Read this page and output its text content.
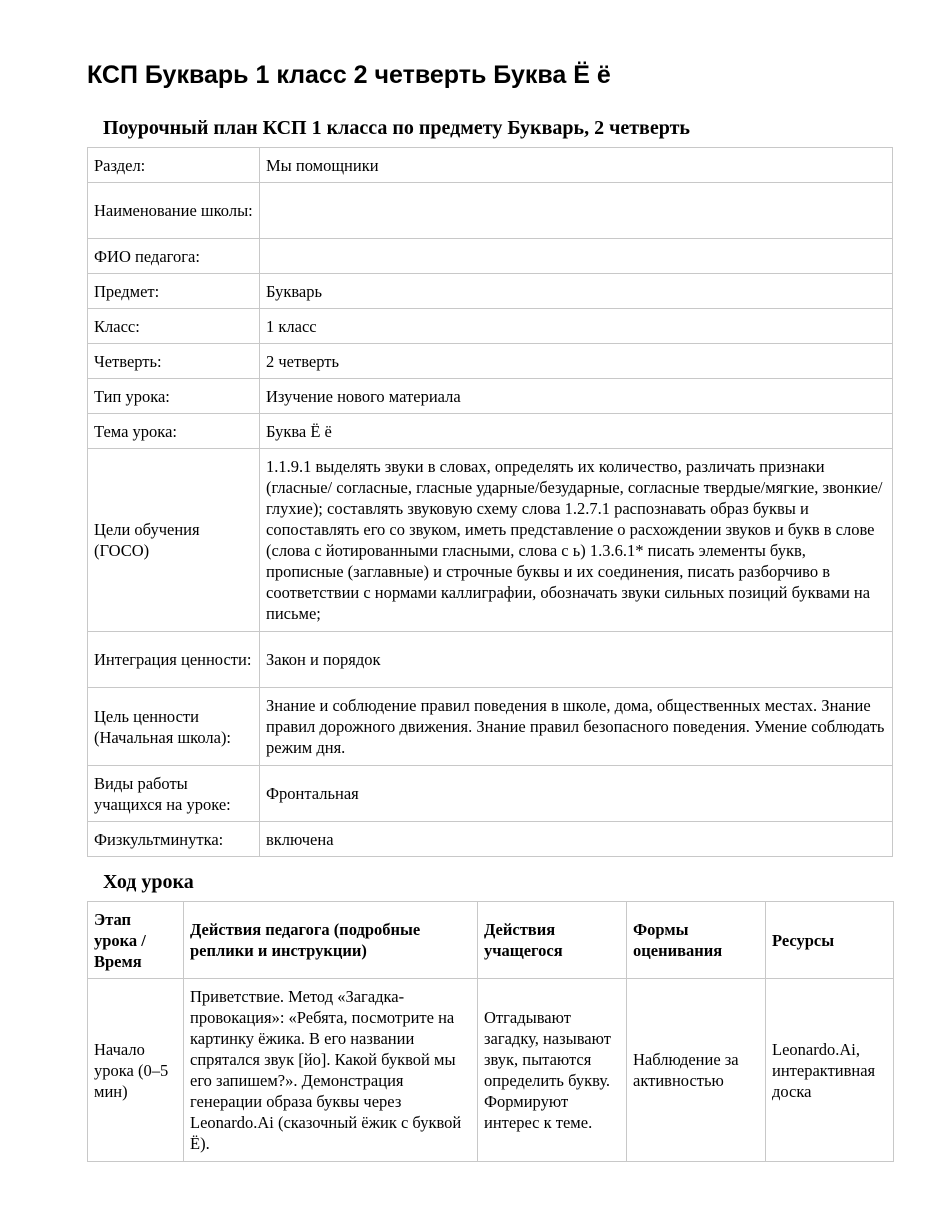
КСП Букварь 1 класс 2 четверть Буква Ё ё
Поурочный план КСП 1 класса по предмету Букварь, 2 четверть
Раздел:	Мы помощники
Наименование школы:	
ФИО педагога:	
Предмет:	Букварь
Класс:	1 класс
Четверть:	2 четверть
Тип урока:	Изучение нового материала
Тема урока:	Буква Ё ё
Цели обучения (ГОСО)	1.1.9.1 выделять звуки в словах, определять их количество, различать признаки (гласные/ согласные, гласные ударные/безударные, согласные твердые/мягкие, звонкие/глухие); составлять звуковую схему слова 1.2.7.1 распознавать образ буквы и сопоставлять его со звуком, иметь представление о расхождении звуков и букв в слове (слова с йотированными гласными, слова с ь) 1.3.6.1* писать элементы букв, прописные (заглавные) и строчные буквы и их соединения, писать разборчиво в соответствии с нормами каллиграфии, обозначать звуки сильных позиций буквами на письме;
Интеграция ценности:	Закон и порядок
Цель ценности (Начальная школа):	Знание и соблюдение правил поведения в школе, дома, общественных местах. Знание правил дорожного движения. Знание правил безопасного поведения. Умение соблюдать режим дня.
Виды работы учащихся на уроке:	Фронтальная
Физкультминутка:	включена
Ход урока
Этап урока / Время	Действия педагога (подробные реплики и инструкции)	Действия учащегося	Формы оценивания	Ресурсы
Начало урока (0–5 мин)	Приветствие. Метод «Загадка-провокация»: «Ребята, посмотрите на картинку ёжика. В его названии спрятался звук [йо]. Какой буквой мы его запишем?». Демонстрация генерации образа буквы через Leonardo.Ai (сказочный ёжик с буквой Ё).	Отгадывают загадку, называют звук, пытаются определить букву. Формируют интерес к теме.	Наблюдение за активностью	Leonardo.Ai, интерактивная доска
